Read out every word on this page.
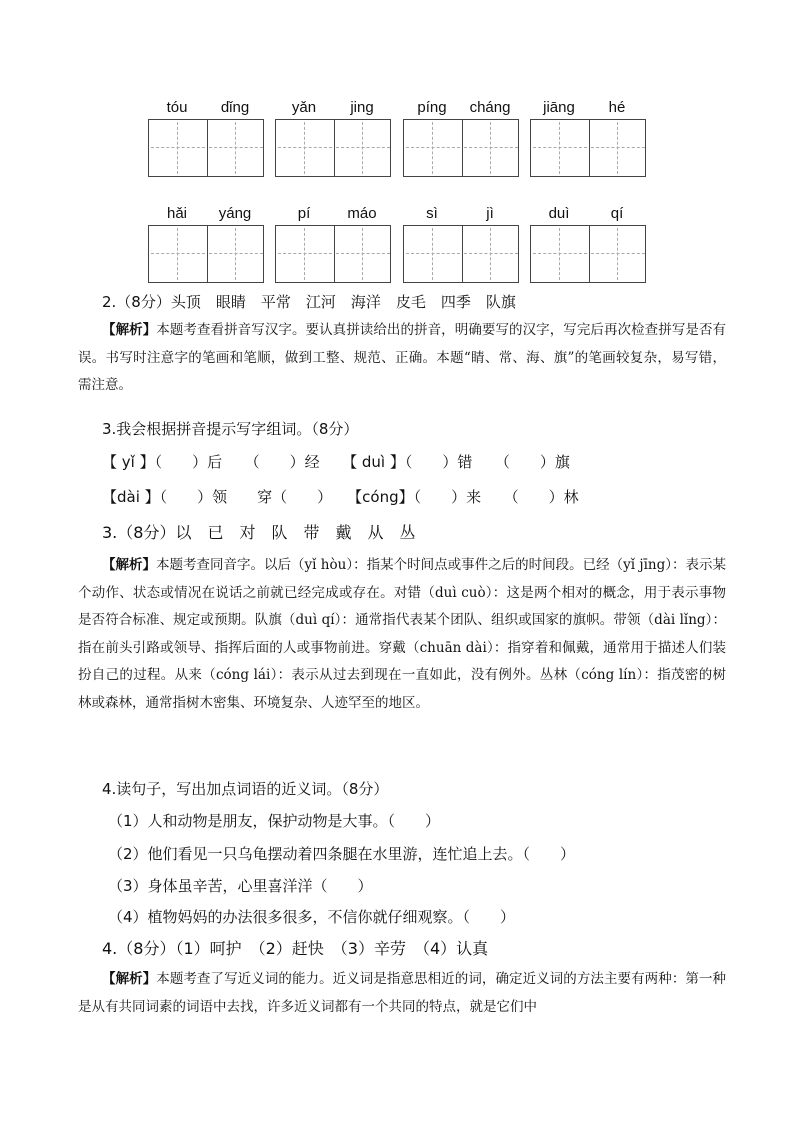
tóu	dǐng	yǎn	jing	píng	cháng	jiāng	hé
hǎi	yáng	pí	máo	sì	jì	duì	qí
2.（8分）头顶　眼睛　平常　江河　海洋　皮毛　四季　队旗
【解析】本题考查看拼音写汉字。要认真拼读给出的拼音，明确要写的汉字，写完后再次检查拼写是否有误。书写时注意字的笔画和笔顺，做到工整、规范、正确。本题“睛、常、海、旗”的笔画较复杂，易写错，需注意。
3.我会根据拼音提示写字组词。（8分）
【 yǐ 】（　　）后　　（　　）经　　【 duì 】（　　）错　　（　　）旗
【dài 】（　　）领　　穿（　　）　　【cóng】（　　）来　　（　　）林
3.（8分）以　已　对　队　带　戴　从　丛
【解析】本题考查同音字。以后（yǐ hòu）：指某个时间点或事件之后的时间段。已经（yǐ jīng）：表示某个动作、状态或情况在说话之前就已经完成或存在。对错（duì cuò）：这是两个相对的概念，用于表示事物是否符合标准、规定或预期。队旗（duì qí）：通常指代表某个团队、组织或国家的旗帜。带领（dài lǐng）：指在前头引路或领导、指挥后面的人或事物前进。穿戴（chuān dài）：指穿着和佩戴，通常用于描述人们装扮自己的过程。从来（cóng lái）：表示从过去到现在一直如此，没有例外。丛林（cóng lín）：指茂密的树林或森林，通常指树木密集、环境复杂、人迹罕至的地区。
4.读句子，写出加点词语的近义词。（8分）
（1）人和动物是朋友，保护动物是大事。（　　）
（2）他们看见一只乌龟摆动着四条腿在水里游，连忙追上去。（　　）
（3）身体虽辛苦，心里喜洋洋（　　）
（4）植物妈妈的办法很多很多，不信你就仔细观察。（　　）
4.（8分）（1）呵护　（2）赶快　（3）辛劳　（4）认真
【解析】本题考查了写近义词的能力。近义词是指意思相近的词，确定近义词的方法主要有两种：第一种是从有共同词素的词语中去找，许多近义词都有一个共同的特点，就是它们中
